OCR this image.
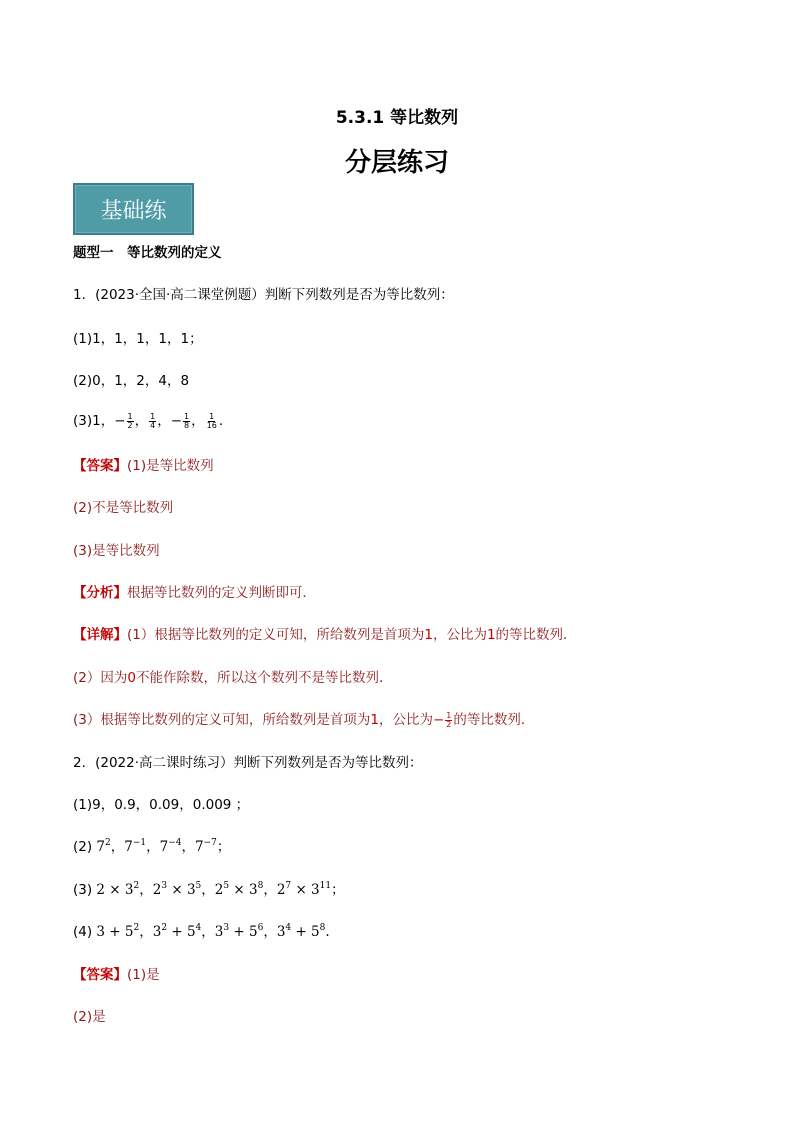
5.3.1 等比数列
分层练习
基础练
题型一　等比数列的定义
1．(2023·全国·高二课堂例题）判断下列数列是否为等比数列：
(1)1，1，1，1，1；
(2)0，1，2，4，8
(3)1，− $\frac{1}{2}$ ， $\frac{1}{4}$ ，− $\frac{1}{8}$ ， $\frac{1}{16}$ .
【答案】(1)是等比数列
(2)不是等比数列
(3)是等比数列
【分析】根据等比数列的定义判断即可．
【详解】(1）根据等比数列的定义可知，所给数列是首项为1，公比为1的等比数列．
(2）因为0不能作除数，所以这个数列不是等比数列．
(3）根据等比数列的定义可知，所给数列是首项为1，公比为− $\frac{1}{2}$ 的等比数列．
2．(2022·高二课时练习）判断下列数列是否为等比数列：
(1)9，0.9，0.09，0.009 ；
(2) $7^2$，$7^{-1}$，$7^{-4}$，$7^{-7}$；
(3) $2 \times 3^2$，$2^3 \times 3^5$，$2^5 \times 3^8$，$2^7 \times 3^{11}$；
(4) $3 + 5^2$，$3^2 + 5^4$，$3^3 + 5^6$，$3^4 + 5^8$.
【答案】(1)是
(2)是
